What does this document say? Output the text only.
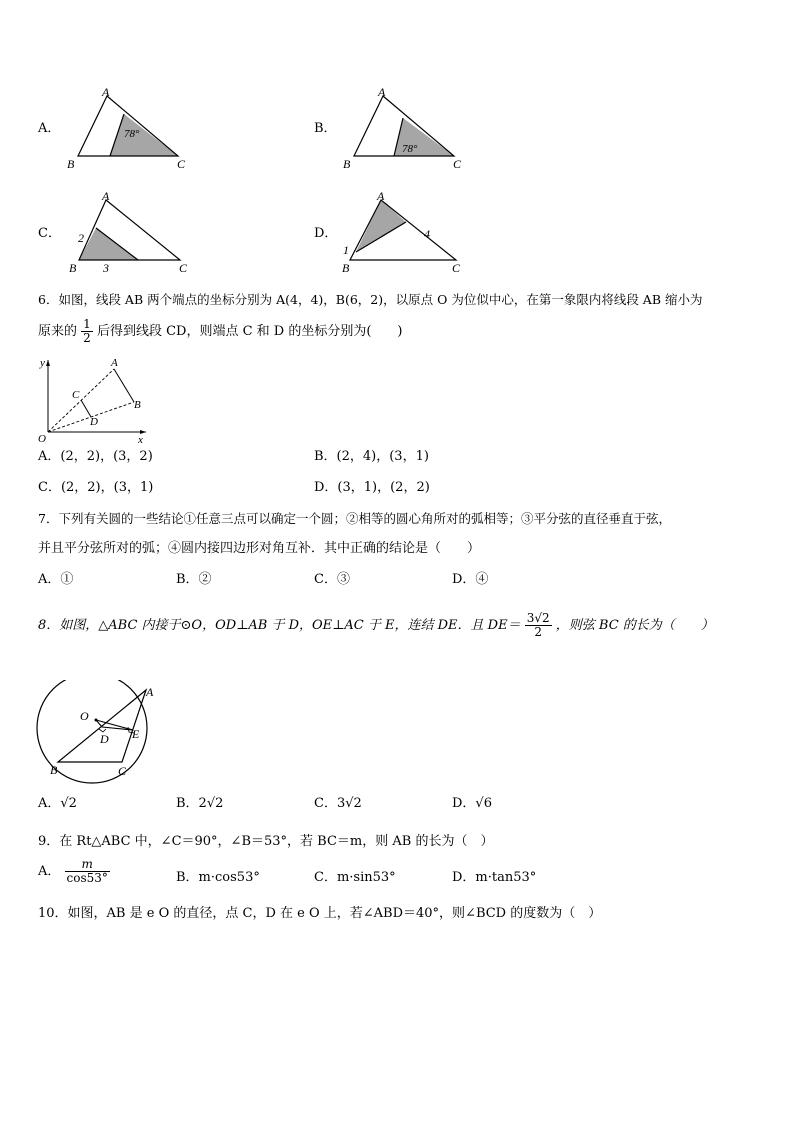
A．	78°
A
B	C
B．
78°
A
B	C
C．
A
B	C
2
3
D．
A
B	C
1
4
6．如图，线段 AB 两个端点的坐标分别为 A(4，4)，B(6，2)，以原点 O 为位似中心，在第一象限内将线段 AB 缩小为
原来的 $\frac{1}{2}$ 后得到线段 CD，则端点 C 和 D 的坐标分别为(　　)
y
x
O
A
B
C
D
A．(2，2)，(3，2)	B．(2，4)，(3，1)
C．(2，2)，(3，1)	D．(3，1)，(2，2)
7．下列有关圆的一些结论①任意三点可以确定一个圆；②相等的圆心角所对的弧相等；③平分弦的直径垂直于弦，
并且平分弦所对的弧；④圆内接四边形对角互补．其中正确的结论是（　　）
A．①	B．②	C．③	D．④
8．如图，△ABC 内接于⊙O，OD⊥AB 于 D，OE⊥AC 于 E，连结 DE．且 $DE= \frac{3√2}{2}$ ，则弦 BC 的长为（　　）
O
A
B	C
D E
A．√2	B．2√2	C．3√2	D．√6
9．在 Rt△ABC 中，∠C＝90°，∠B＝53°，若 BC＝m，则 AB 的长为（　）
A． $\frac{m}{\cos 53^\circ}$	B．m·cos53°	C．m·sin53°	D．m·tan53°
10．如图，AB 是 e O 的直径，点 C，D 在 e O 上，若∠ABD＝40°，则∠BCD 的度数为（　）
